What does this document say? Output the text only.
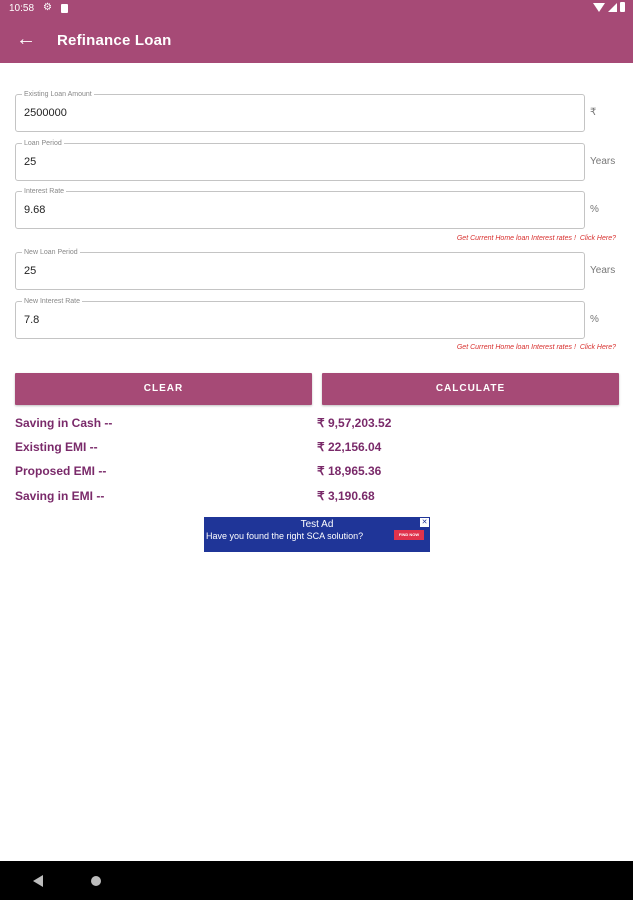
10:58 ⚙
← Refinance Loan
Existing Loan Amount
2500000	₹
Loan Period
25	Years
Interest Rate
9.68	%
Get Current Home loan Interest rates ! Click Here?
New Loan Period
25	Years
New Interest Rate
7.8	%
Get Current Home loan Interest rates ! Click Here?
CLEAR	CALCULATE
Saving in Cash --	₹ 9,57,203.52
Existing EMI --	₹ 22,156.04
Proposed EMI --	₹ 18,965.36
Saving in EMI --	₹ 3,190.68
Test Ad
Have you found the right SCA solution?	FIND NOW
✕
